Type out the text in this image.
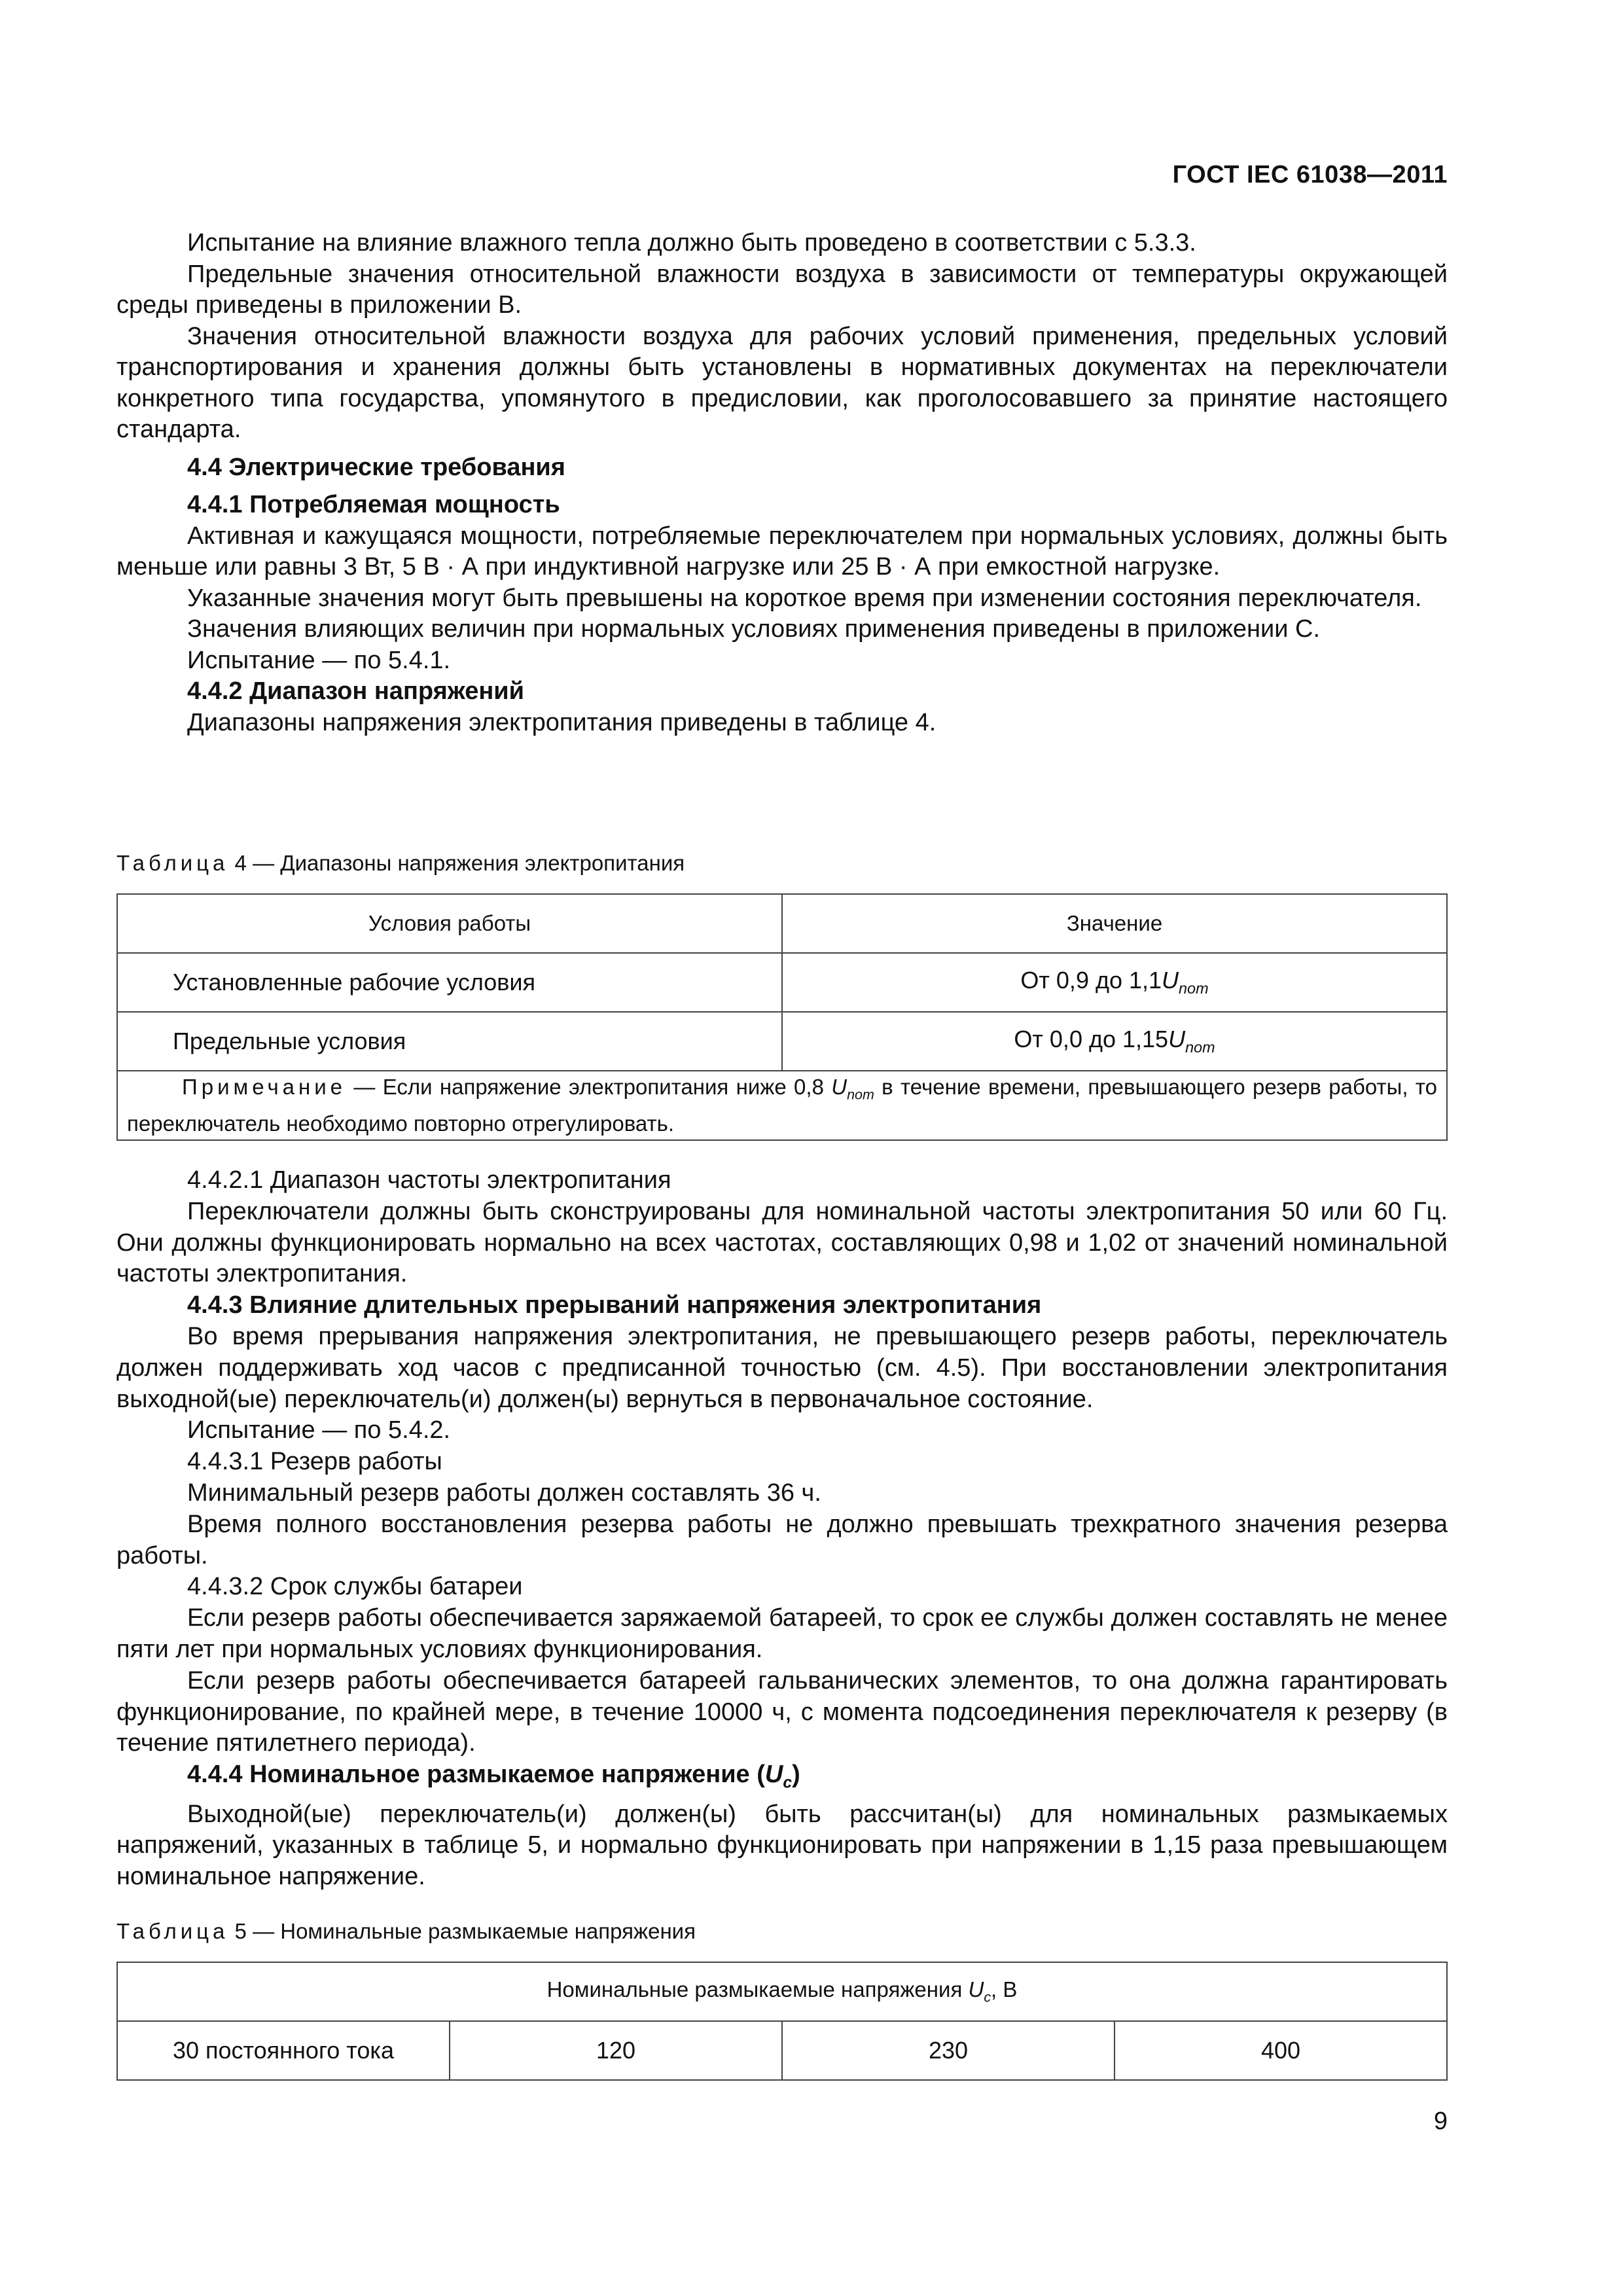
ГОСТ IEC 61038—2011

Испытание на влияние влажного тепла должно быть проведено в соответствии с 5.3.3.

Предельные значения относительной влажности воздуха в зависимости от температуры окружающей среды приведены в приложении В.

Значения относительной влажности воздуха для рабочих условий применения, предельных условий транспортирования и хранения должны быть установлены в нормативных документах на переключатели конкретного типа государства, упомянутого в предисловии, как проголосовавшего за принятие настоящего стандарта.

4.4 Электрические требования

4.4.1 Потребляемая мощность

Активная и кажущаяся мощности, потребляемые переключателем при нормальных условиях, должны быть меньше или равны 3 Вт, 5 В · А при индуктивной нагрузке или 25 В · А при емкостной нагрузке.

Указанные значения могут быть превышены на короткое время при изменении состояния переключателя.

Значения влияющих величин при нормальных условиях применения приведены в приложении С.

Испытание — по 5.4.1.

4.4.2 Диапазон напряжений

Диапазоны напряжения электропитания приведены в таблице 4.

Таблица 4 — Диапазоны напряжения электропитания

Условия работы	Значение
Установленные рабочие условия	От 0,9 до $1,1U_{nom}$
Предельные условия	От 0,0 до $1,15U_{nom}$
Примечание — Если напряжение электропитания ниже 0,8 $U_{nom}$ в течение времени, превышающего резерв работы, то переключатель необходимо повторно отрегулировать.	

4.4.2.1 Диапазон частоты электропитания

Переключатели должны быть сконструированы для номинальной частоты электропитания 50 или 60 Гц. Они должны функционировать нормально на всех частотах, составляющих 0,98 и 1,02 от значений номинальной частоты электропитания.

4.4.3 Влияние длительных прерываний напряжения электропитания

Во время прерывания напряжения электропитания, не превышающего резерв работы, переключатель должен поддерживать ход часов с предписанной точностью (см. 4.5). При восстановлении электропитания выходной(ые) переключатель(и) должен(ы) вернуться в первоначальное состояние.

Испытание — по 5.4.2.

4.4.3.1 Резерв работы

Минимальный резерв работы должен составлять 36 ч.

Время полного восстановления резерва работы не должно превышать трехкратного значения резерва работы.

4.4.3.2 Срок службы батареи

Если резерв работы обеспечивается заряжаемой батареей, то срок ее службы должен составлять не менее пяти лет при нормальных условиях функционирования.

Если резерв работы обеспечивается батареей гальванических элементов, то она должна гарантировать функционирование, по крайней мере, в течение 10000 ч, с момента подсоединения переключателя к резерву (в течение пятилетнего периода).

4.4.4 Номинальное размыкаемое напряжение $(U_c)$

Выходной(ые) переключатель(и) должен(ы) быть рассчитан(ы) для номинальных размыкаемых напряжений, указанных в таблице 5, и нормально функционировать при напряжении в 1,15 раза превышающем номинальное напряжение.

Таблица 5 — Номинальные размыкаемые напряжения

Номинальные размыкаемые напряжения $U_c$, В
30 постоянного тока	120	230	400
9
